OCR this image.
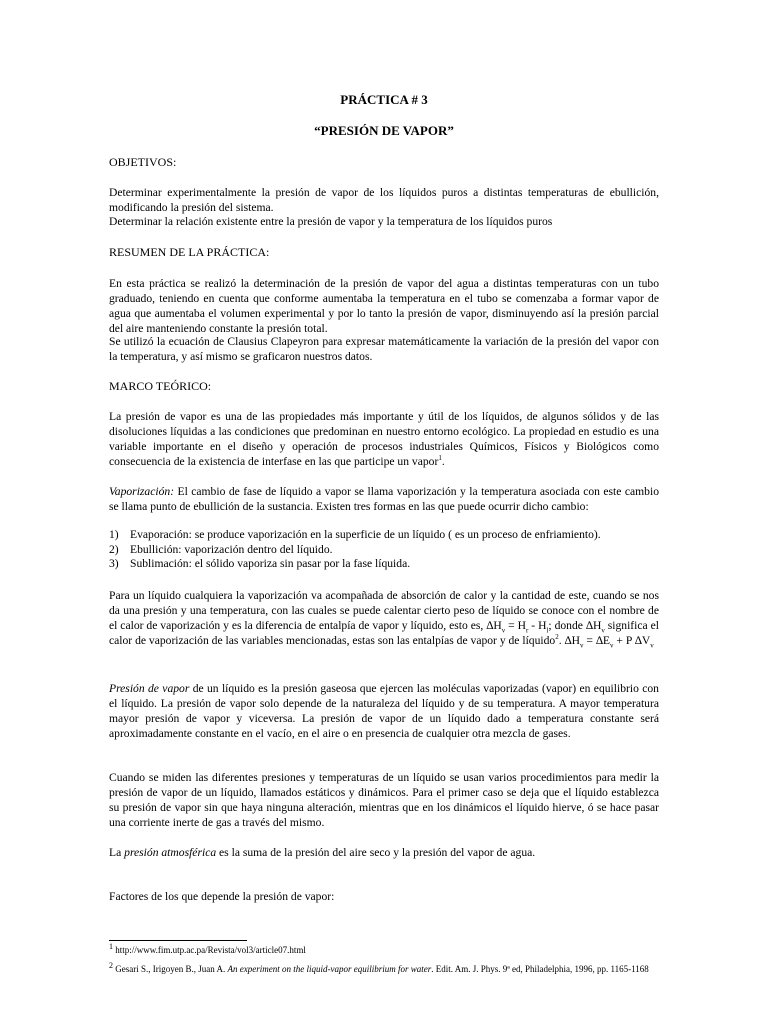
PRÁCTICA # 3
“PRESIÓN DE VAPOR”

OBJETIVOS:

Determinar experimentalmente la presión de vapor de los líquidos puros a distintas temperaturas de ebullición, modificando la presión del sistema.

Determinar la relación existente entre la presión de vapor y la temperatura de los líquidos puros

RESUMEN DE LA PRÁCTICA:

En esta práctica se realizó la determinación de la presión de vapor del agua a distintas temperaturas con un tubo graduado, teniendo en cuenta que conforme aumentaba la temperatura en el tubo se comenzaba a formar vapor de agua que aumentaba el volumen experimental y por lo tanto la presión de vapor, disminuyendo así la presión parcial del aire manteniendo constante la presión total.

Se utilizó la ecuación de Clausius Clapeyron para expresar matemáticamente la variación de la presión del vapor con la temperatura, y así mismo se graficaron nuestros datos.

MARCO TEÓRICO:

La presión de vapor es una de las propiedades más importante y útil de los líquidos, de algunos sólidos y de las disoluciones líquidas a las condiciones que predominan en nuestro entorno ecológico. La propiedad en estudio es una variable importante en el diseño y operación de procesos industriales Químicos, Físicos y Biológicos como consecuencia de la existencia de interfase en las que participe un vapor$^1$.

Vaporización: El cambio de fase de líquido a vapor se llama vaporización y la temperatura asociada con este cambio se llama punto de ebullición de la sustancia. Existen tres formas en las que puede ocurrir dicho cambio:

1) Evaporación: se produce vaporización en la superficie de un líquido ( es un proceso de enfriamiento).
2) Ebullición: vaporización dentro del líquido.
3) Sublimación: el sólido vaporiza sin pasar por la fase líquida.

Para un líquido cualquiera la vaporización va acompañada de absorción de calor y la cantidad de este, cuando se nos da una presión y una temperatura, con las cuales se puede calentar cierto peso de líquido se conoce con el nombre de el calor de vaporización y es la diferencia de entalpía de vapor y líquido, esto es, $\Delta H_v = H_r - H_l$; donde $\Delta H_v$ significa el calor de vaporización de las variables mencionadas, estas son las entalpías de vapor y de líquido$^2$. $\Delta H_v = \Delta E_v + P$ $\Delta V_v$

Presión de vapor de un líquido es la presión gaseosa que ejercen las moléculas vaporizadas (vapor) en equilibrio con el líquido. La presión de vapor solo depende de la naturaleza del líquido y de su temperatura. A mayor temperatura mayor presión de vapor y viceversa. La presión de vapor de un líquido dado a temperatura constante será aproximadamente constante en el vacío, en el aire o en presencia de cualquier otra mezcla de gases.

Cuando se miden las diferentes presiones y temperaturas de un líquido se usan varios procedimientos para medir la presión de vapor de un líquido, llamados estáticos y dinámicos. Para el primer caso se deja que el líquido establezca su presión de vapor sin que haya ninguna alteración, mientras que en los dinámicos el líquido hierve, ó se hace pasar una corriente inerte de gas a través del mismo.

La presión atmosférica es la suma de la presión del aire seco y la presión del vapor de agua.

Factores de los que depende la presión de vapor:

$^1$ http://www.fim.utp.ac.pa/Revista/vol3/article07.html
$^2$ Gesari S., Irigoyen B., Juan A. An experiment on the liquid-vapor equilibrium for water. Edit. Am. J. Phys. 9ª ed, Philadelphia, 1996, pp. 1165-1168
